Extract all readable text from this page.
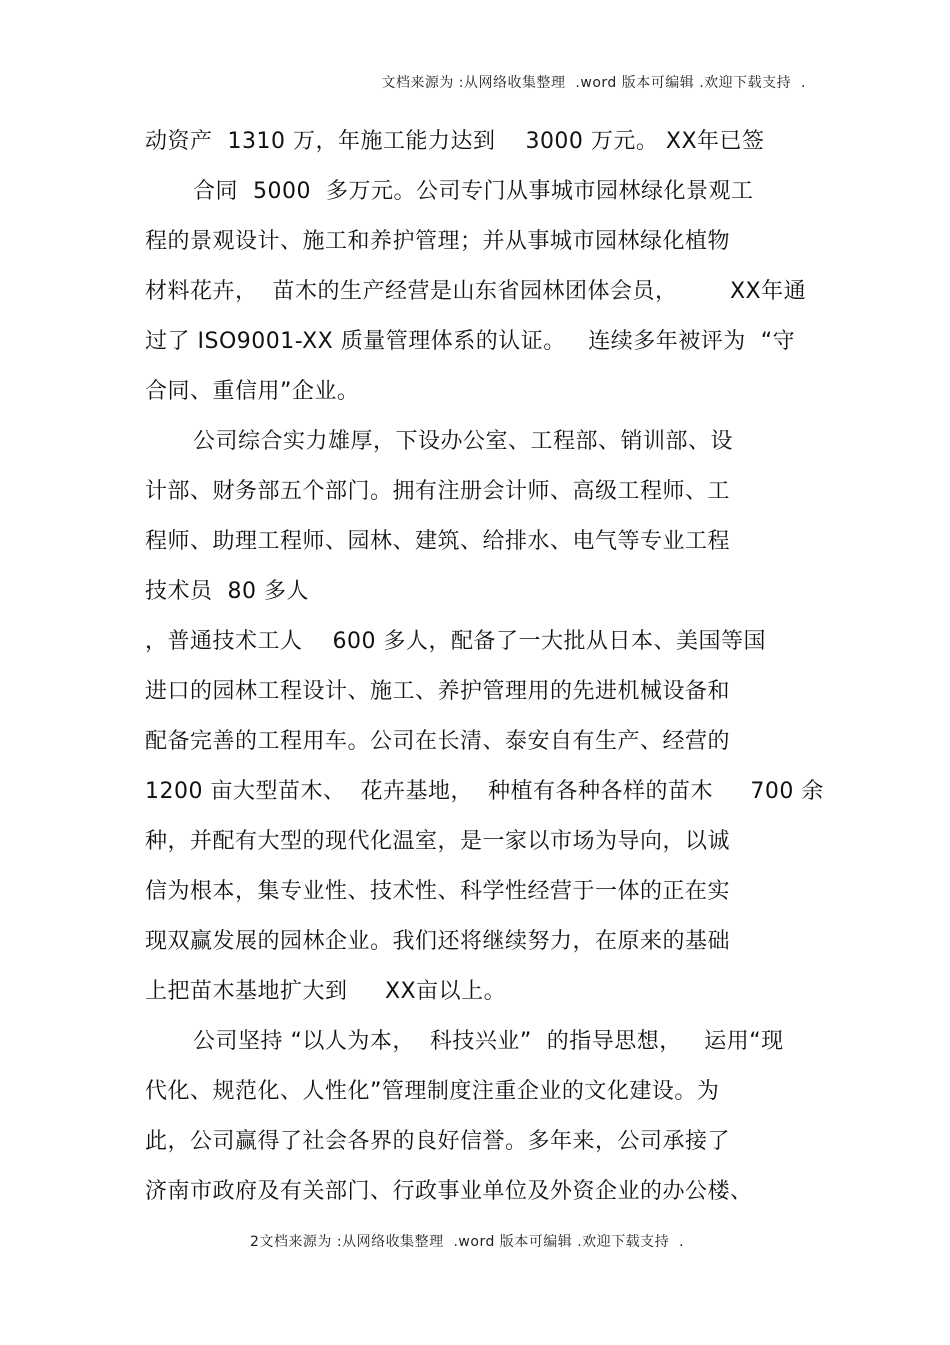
文档来源为 :从网络收集整理  .word 版本可编辑 .欢迎下载支持  .
动资产  1310 万，年施工能力达到    3000 万元。 XX年已签
合同  5000  多万元。公司专门从事城市园林绿化景观工
程的景观设计、施工和养护管理；并从事城市园林绿化植物
材料花卉，  苗木的生产经营是山东省园林团体会员，       XX年通
过了 ISO9001-XX 质量管理体系的认证。   连续多年被评为  “守
合同、重信用”企业。
公司综合实力雄厚，下设办公室、工程部、销训部、设
计部、财务部五个部门。拥有注册会计师、高级工程师、工
程师、助理工程师、园林、建筑、给排水、电气等专业工程
技术员  80 多人
，普通技术工人    600 多人，配备了一大批从日本、美国等国
进口的园林工程设计、施工、养护管理用的先进机械设备和
配备完善的工程用车。公司在长清、泰安自有生产、经营的
1200 亩大型苗木、  花卉基地，  种植有各种各样的苗木     700 余
种，并配有大型的现代化温室，是一家以市场为导向，以诚
信为根本，集专业性、技术性、科学性经营于一体的正在实
现双赢发展的园林企业。我们还将继续努力，在原来的基础
上把苗木基地扩大到     XX亩以上。
公司坚持 “以人为本，  科技兴业”  的指导思想，   运用“现
代化、规范化、人性化”管理制度注重企业的文化建设。为
此，公司赢得了社会各界的良好信誉。多年来，公司承接了
济南市政府及有关部门、行政事业单位及外资企业的办公楼、
2文档来源为 :从网络收集整理  .word 版本可编辑 .欢迎下载支持  .
